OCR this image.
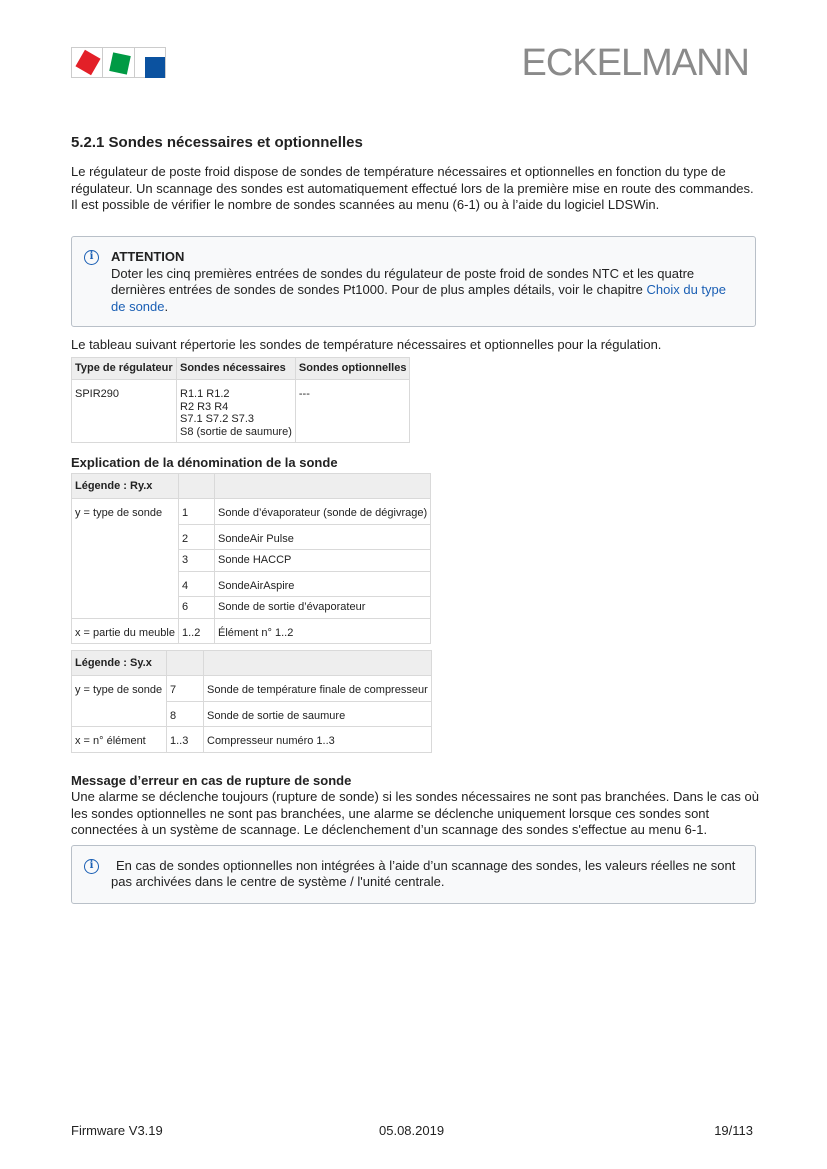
ECKELMANN
5.2.1 Sondes nécessaires et optionnelles

Le régulateur de poste froid dispose de sondes de température nécessaires et optionnelles en fonction du type de régulateur. Un scannage des sondes est automatiquement effectué lors de la première mise en route des commandes. Il est possible de vérifier le nombre de sondes scannées au menu (6-1) ou à l’aide du logiciel LDSWin.

i	ATTENTION
Doter les cinq premières entrées de sondes du régulateur de poste froid de sondes NTC et les quatre dernières entrées de sondes de sondes Pt1000. Pour de plus amples détails, voir le chapitre Choix du type de sonde.

Le tableau suivant répertorie les sondes de température nécessaires et optionnelles pour la régulation.

Type de régulateur	Sondes nécessaires	Sondes optionnelles
SPIR290	R1.1 R1.2
R2 R3 R4
S7.1 S7.2 S7.3
S8 (sortie de saumure)	---
Explication de la dénomination de la sonde
Légende : Ry.x		
y = type de sonde	1	Sonde d’évaporateur (sonde de dégivrage)
	2	SondeAir Pulse
	3	Sonde HACCP
	4	SondeAirAspire
	6	Sonde de sortie d’évaporateur
x = partie du meuble	1..2	Élément n° 1..2
Légende : Sy.x		
y = type de sonde	7	Sonde de température finale de compresseur
	8	Sonde de sortie de saumure
x = n° élément	1..3	Compresseur numéro 1..3
Message d’erreur en cas de rupture de sonde

Une alarme se déclenche toujours (rupture de sonde) si les sondes nécessaires ne sont pas branchées. Dans le cas où les sondes optionnelles ne sont pas branchées, une alarme se déclenche uniquement lorsque ces sondes sont connectées à un système de scannage. Le déclenchement d’un scannage des sondes s'effectue au menu 6-1.

i	En cas de sondes optionnelles non intégrées à l’aide d’un scannage des sondes, les valeurs réelles ne sont pas archivées dans le centre de système / l'unité centrale.
Firmware V3.19	05.08.2019	19/113
